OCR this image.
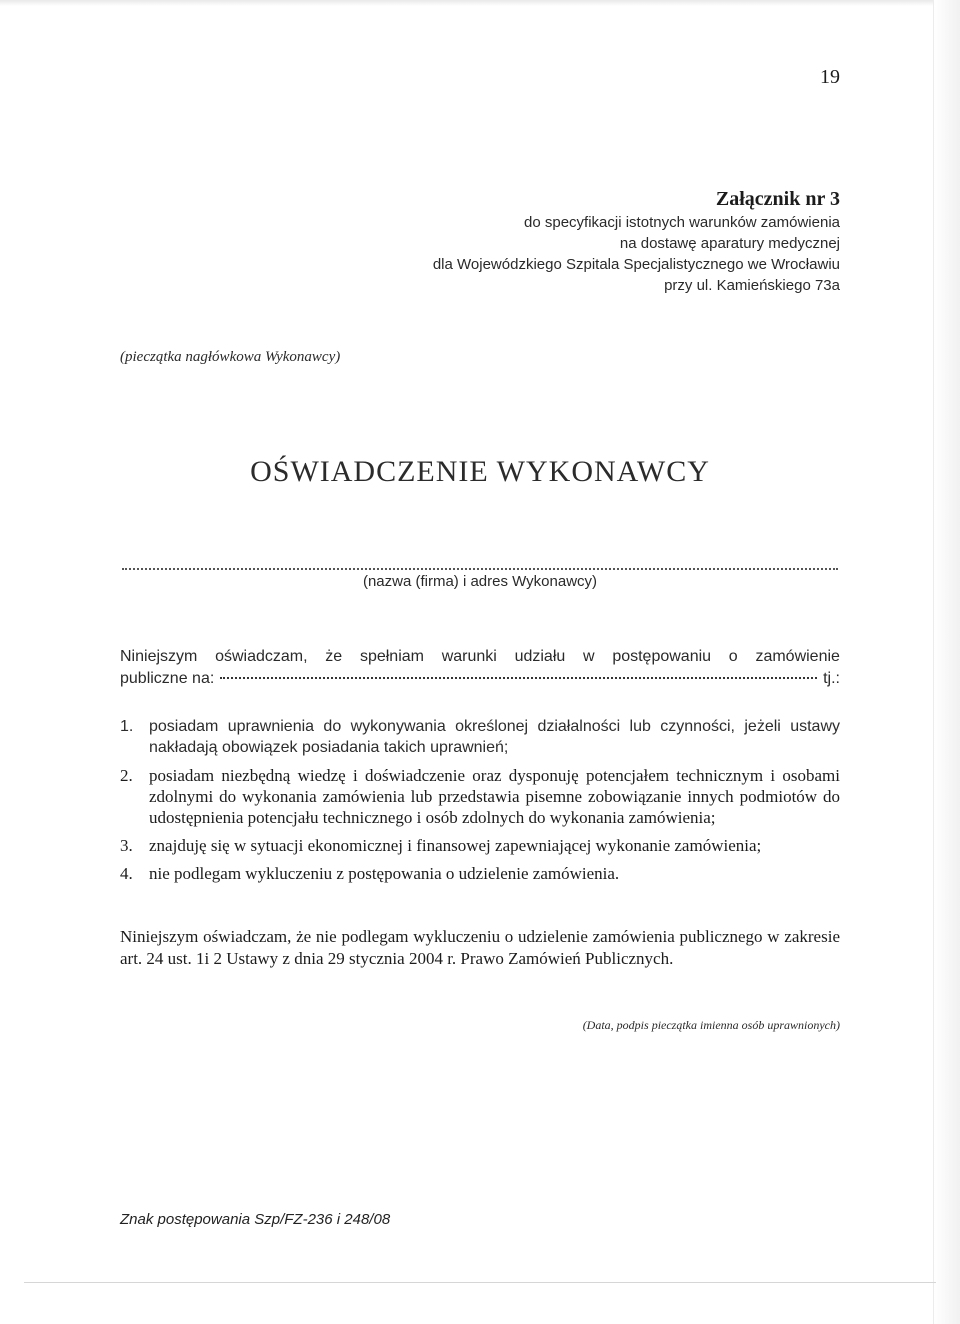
19
Załącznik nr 3
do specyfikacji istotnych warunków zamówienia
na dostawę aparatury medycznej
dla Wojewódzkiego Szpitala Specjalistycznego we Wrocławiu
przy ul. Kamieńskiego 73a
(pieczątka nagłówkowa Wykonawcy)
OŚWIADCZENIE WYKONAWCY
(nazwa (firma) i adres Wykonawcy)
Niniejszym oświadczam, że spełniam warunki udziału w postępowaniu o zamówienie
publiczne na:	tj.:
1. posiadam uprawnienia do wykonywania określonej działalności lub czynności, jeżeli ustawy nakładają obowiązek posiadania takich uprawnień;
2. posiadam niezbędną wiedzę i doświadczenie oraz dysponuję potencjałem technicznym i osobami zdolnymi do wykonania zamówienia lub przedstawia pisemne zobowiązanie innych podmiotów do udostępnienia potencjału technicznego i osób zdolnych do wykonania zamówienia;
3. znajduję się w sytuacji ekonomicznej i finansowej zapewniającej wykonanie zamówienia;
4. nie podlegam wykluczeniu z postępowania o udzielenie zamówienia.
Niniejszym oświadczam, że nie podlegam wykluczeniu o udzielenie zamówienia publicznego w zakresie art. 24 ust. 1i 2 Ustawy z dnia 29 stycznia 2004 r. Prawo Zamówień Publicznych.
(Data, podpis pieczątka imienna osób uprawnionych)
Znak postępowania Szp/FZ-236 i 248/08
